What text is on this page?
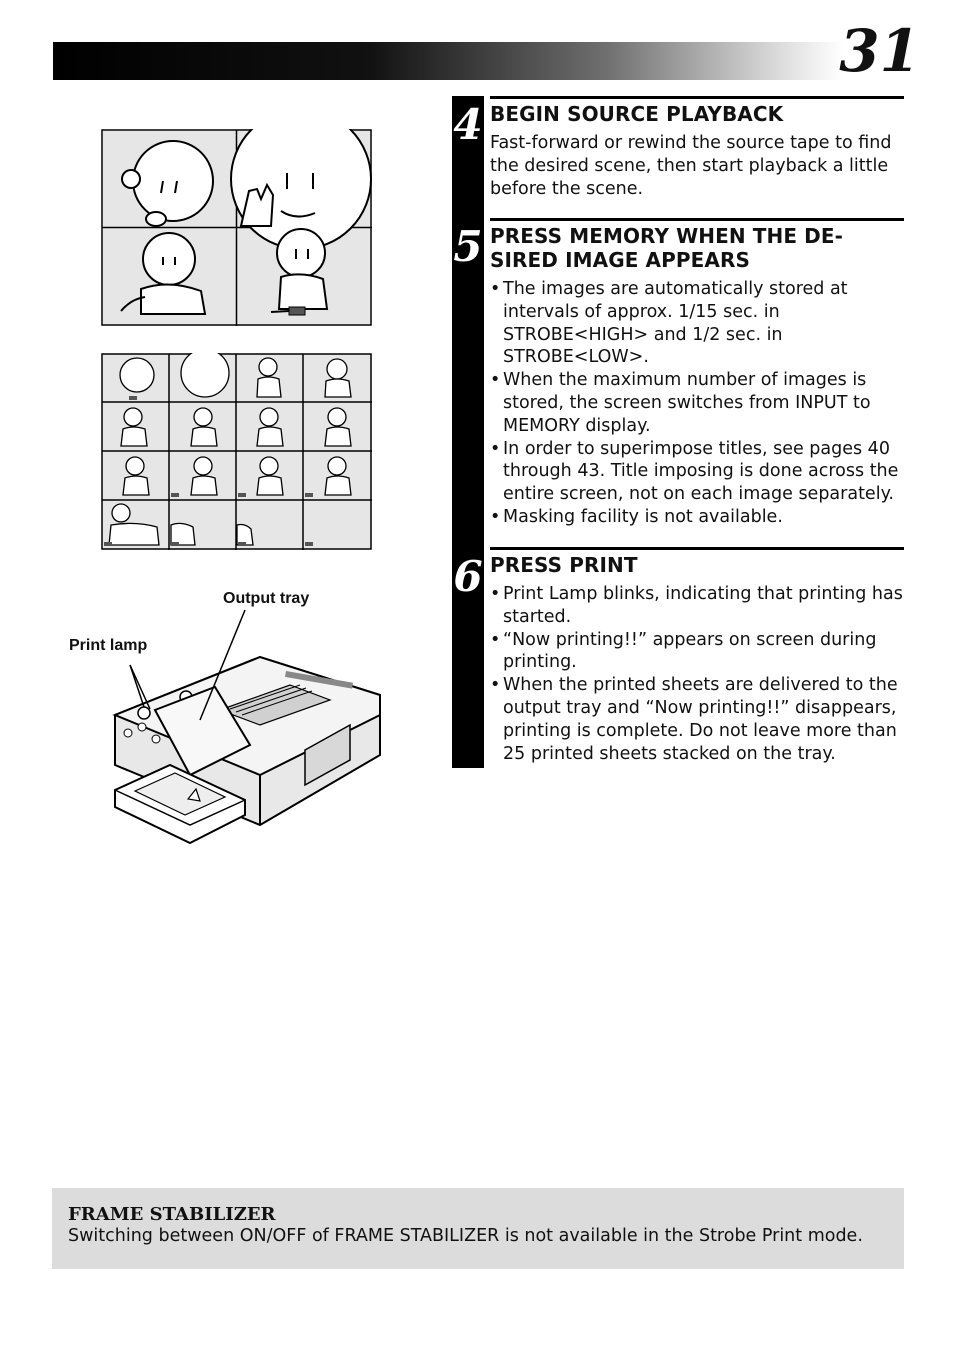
31
Output tray
Print lamp
4
5
6
BEGIN SOURCE PLAYBACK

Fast-forward or rewind the source tape to find the desired scene, then start playback a little before the scene.

PRESS MEMORY WHEN THE DE- SIRED IMAGE APPEARS
• The images are automatically stored at intervals of approx. 1/15 sec. in STROBE<HIGH> and 1/2 sec. in STROBE<LOW>.
• When the maximum number of images is stored, the screen switches from INPUT to MEMORY display.
• In order to superimpose titles, see pages 40 through 43. Title imposing is done across the entire screen, not on each image separately.
• Masking facility is not available.
PRESS PRINT
• Print Lamp blinks, indicating that printing has started.
• “Now printing!!” appears on screen during printing.
• When the printed sheets are delivered to the output tray and “Now printing!!” disappears, printing is complete. Do not leave more than 25 printed sheets stacked on the tray.
FRAME STABILIZER
Switching between ON/OFF of FRAME STABILIZER is not available in the Strobe Print mode.
